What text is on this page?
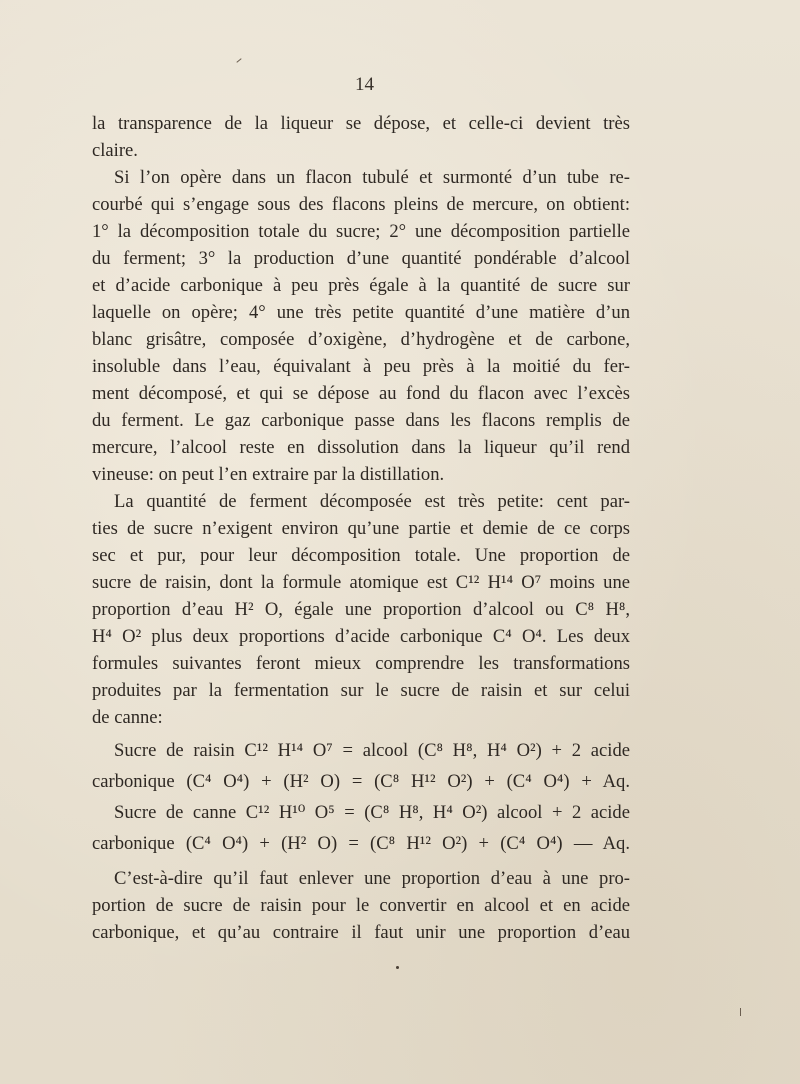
14
la transparence de la liqueur se dépose, et celle-ci devient très
claire.
Si l’on opère dans un flacon tubulé et surmonté d’un tube re-
courbé qui s’engage sous des flacons pleins de mercure, on obtient:
1° la décomposition totale du sucre; 2° une décomposition partielle
du ferment; 3° la production d’une quantité pondérable d’alcool
et d’acide carbonique à peu près égale à la quantité de sucre sur
laquelle on opère; 4° une très petite quantité d’une matière d’un
blanc grisâtre, composée d’oxigène, d’hydrogène et de carbone,
insoluble dans l’eau, équivalant à peu près à la moitié du fer-
ment décomposé, et qui se dépose au fond du flacon avec l’excès
du ferment. Le gaz carbonique passe dans les flacons remplis de
mercure, l’alcool reste en dissolution dans la liqueur qu’il rend
vineuse: on peut l’en extraire par la distillation.
La quantité de ferment décomposée est très petite: cent par-
ties de sucre n’exigent environ qu’une partie et demie de ce corps
sec et pur, pour leur décomposition totale. Une proportion de
sucre de raisin, dont la formule atomique est C¹² H¹⁴ O⁷ moins une
proportion d’eau H² O, égale une proportion d’alcool ou C⁸ H⁸,
H⁴ O² plus deux proportions d’acide carbonique C⁴ O⁴. Les deux
formules suivantes feront mieux comprendre les transformations
produites par la fermentation sur le sucre de raisin et sur celui
de canne:
Sucre de raisin C¹² H¹⁴ O⁷ = alcool (C⁸ H⁸, H⁴ O²) + 2 acide
carbonique (C⁴ O⁴) + (H² O) = (C⁸ H¹² O²) + (C⁴ O⁴) + Aq.
Sucre de canne C¹² H¹⁰ O⁵ = (C⁸ H⁸, H⁴ O²) alcool + 2 acide
carbonique (C⁴ O⁴) + (H² O) = (C⁸ H¹² O²) + (C⁴ O⁴) — Aq.
C’est-à-dire qu’il faut enlever une proportion d’eau à une pro-
portion de sucre de raisin pour le convertir en alcool et en acide
carbonique, et qu’au contraire il faut unir une proportion d’eau
